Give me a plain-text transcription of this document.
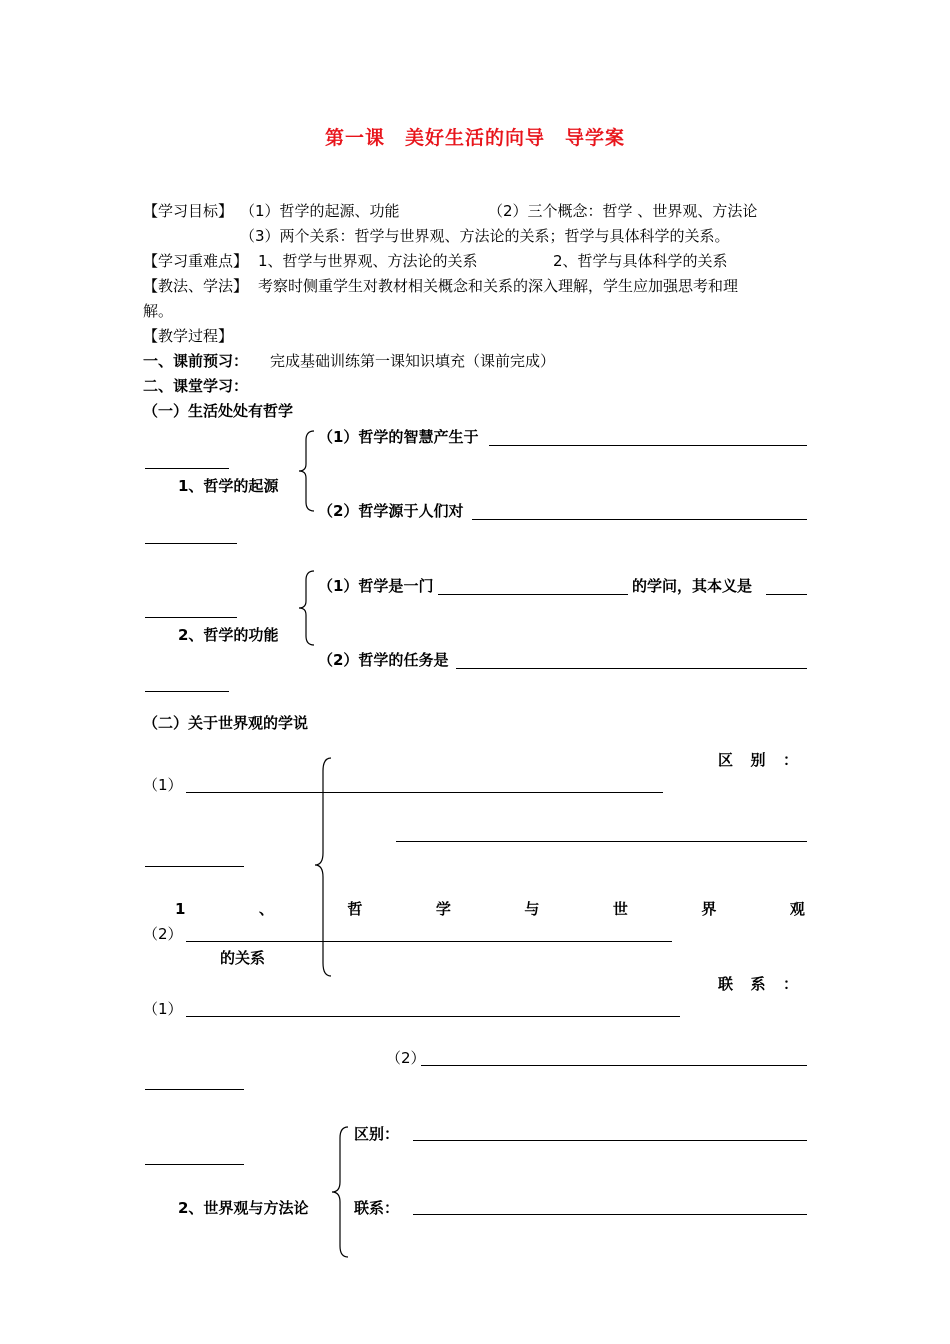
第一课　美好生活的向导　导学案
【学习目标】 （1）哲学的起源、功能	（2）三个概念：哲学 、世界观、方法论
（3）两个关系：哲学与世界观、方法论的关系；哲学与具体科学的关系。
【学习重难点】 1、哲学与世界观、方法论的关系	2、哲学与具体科学的关系
【教法、学法】 考察时侧重学生对教材相关概念和关系的深入理解，学生应加强思考和理
解。
【教学过程】
一、课前预习： 完成基础训练第一课知识填充（课前完成）
二、课堂学习：
（一）生活处处有哲学
（1）哲学的智慧产生于
1、哲学的起源
（2）哲学源于人们对
（1）哲学是一门	的学问，其本义是
2、哲学的功能
（2）哲学的任务是
（二）关于世界观的学说
区 别 ：
（1）
1	、	哲	学	与	世	界	观
（2）
的关系
联 系 ：
（1）
（2）
区别：
2、世界观与方法论	联系：
